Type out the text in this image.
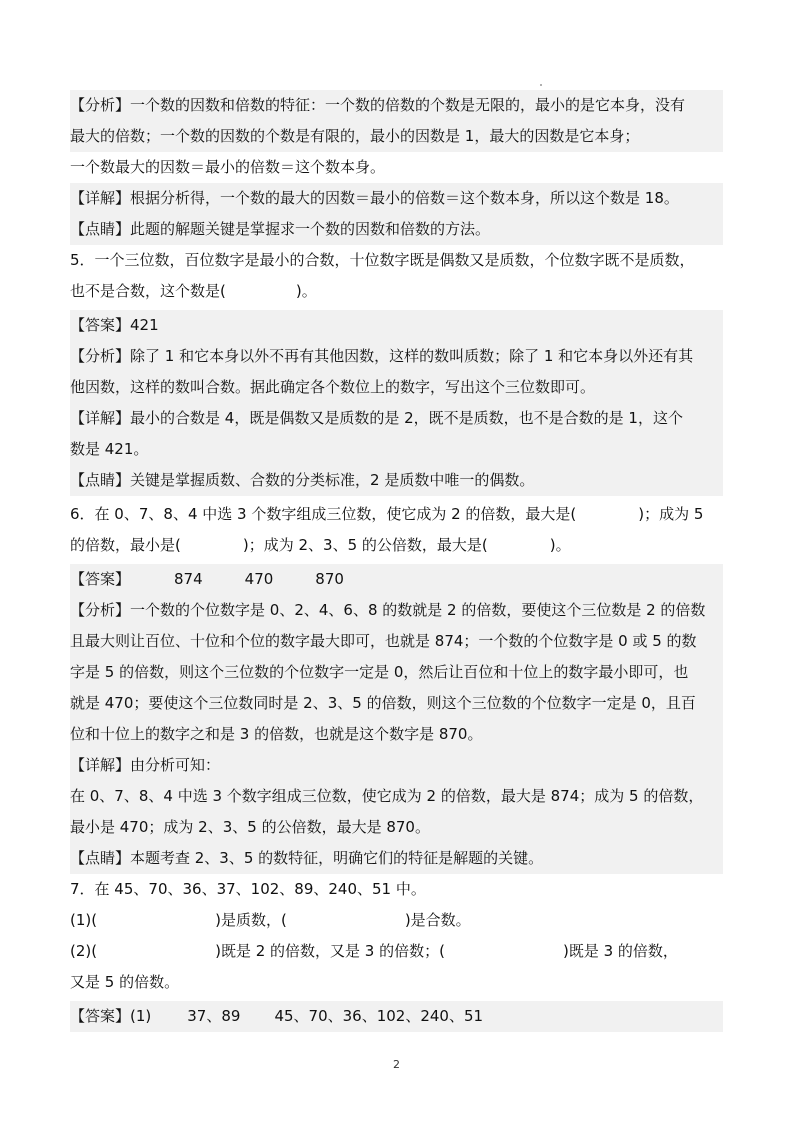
【分析】一个数的因数和倍数的特征：一个数的倍数的个数是无限的，最小的是它本身，没有
最大的倍数；一个数的因数的个数是有限的，最小的因数是 1，最大的因数是它本身；
一个数最大的因数＝最小的倍数＝这个数本身。
【详解】根据分析得，一个数的最大的因数＝最小的倍数＝这个数本身，所以这个数是 18。
【点睛】此题的解题关键是掌握求一个数的因数和倍数的方法。
5．一个三位数，百位数字是最小的合数，十位数字既是偶数又是质数，个位数字既不是质数，
也不是合数，这个数是(	)。
【答案】421
【分析】除了 1 和它本身以外不再有其他因数，这样的数叫质数；除了 1 和它本身以外还有其
他因数，这样的数叫合数。据此确定各个数位上的数字，写出这个三位数即可。
【详解】最小的合数是 4，既是偶数又是质数的是 2，既不是质数，也不是合数的是 1，这个
数是 421。
【点睛】关键是掌握质数、合数的分类标准，2 是质数中唯一的偶数。
6．在 0、7、8、4 中选 3 个数字组成三位数，使它成为 2 的倍数，最大是(	)；成为 5
的倍数，最小是(	)；成为 2、3、5 的公倍数，最大是(	)。
【答案】	874	470	870
【分析】一个数的个位数字是 0、2、4、6、8 的数就是 2 的倍数，要使这个三位数是 2 的倍数
且最大则让百位、十位和个位的数字最大即可，也就是 874；一个数的个位数字是 0 或 5 的数
字是 5 的倍数，则这个三位数的个位数字一定是 0，然后让百位和十位上的数字最小即可，也
就是 470；要使这个三位数同时是 2、3、5 的倍数，则这个三位数的个位数字一定是 0，且百
位和十位上的数字之和是 3 的倍数，也就是这个数字是 870。
【详解】由分析可知：
在 0、7、8、4 中选 3 个数字组成三位数，使它成为 2 的倍数，最大是 874；成为 5 的倍数，
最小是 470；成为 2、3、5 的公倍数，最大是 870。
【点睛】本题考查 2、3、5 的数特征，明确它们的特征是解题的关键。
7．在 45、70、36、37、102、89、240、51 中。
(1)(	)是质数，(	)是合数。
(2)(	)既是 2 的倍数，又是 3 的倍数；(	)既是 3 的倍数，
又是 5 的倍数。
【答案】(1) 37、89 45、70、36、102、240、51
2
